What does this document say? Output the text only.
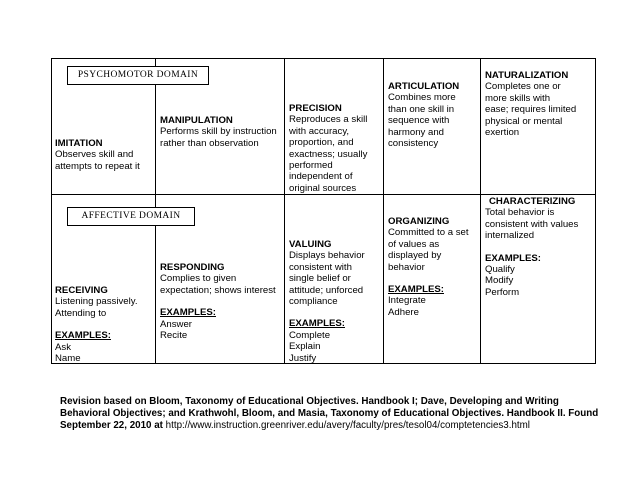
IMITATION
Observes skill and
attempts to repeat it
MANIPULATION
Performs skill by instruction
rather than observation
PRECISION
Reproduces a skill
with accuracy,
proportion, and
exactness; usually
performed
independent of
original sources
ARTICULATION
Combines more
than one skill in
sequence with
harmony and
consistency
NATURALIZATION
Completes one or
more skills with
ease; requires limited
physical or mental
exertion
RECEIVING
Listening passively.
Attending to
EXAMPLES:
Ask
Name
RESPONDING
Complies to given
expectation; shows interest
EXAMPLES:
Answer
Recite
VALUING
Displays behavior
consistent with
single belief or
attitude; unforced
compliance
EXAMPLES:
Complete
Explain
Justify
ORGANIZING
Committed to a set
of values as
displayed by
behavior
EXAMPLES:
Integrate
Adhere
CHARACTERIZING
Total behavior is
consistent with values
internalized
EXAMPLES:
Qualify
Modify
Perform
PSYCHOMOTOR DOMAIN
AFFECTIVE DOMAIN
Revision based on Bloom, Taxonomy of Educational Objectives. Handbook I; Dave, Developing and Writing Behavioral Objectives; and Krathwohl, Bloom, and Masia, Taxonomy of Educational Objectives. Handbook II. Found September 22, 2010 at http://www.instruction.greenriver.edu/avery/faculty/pres/tesol04/comptetencies3.html
